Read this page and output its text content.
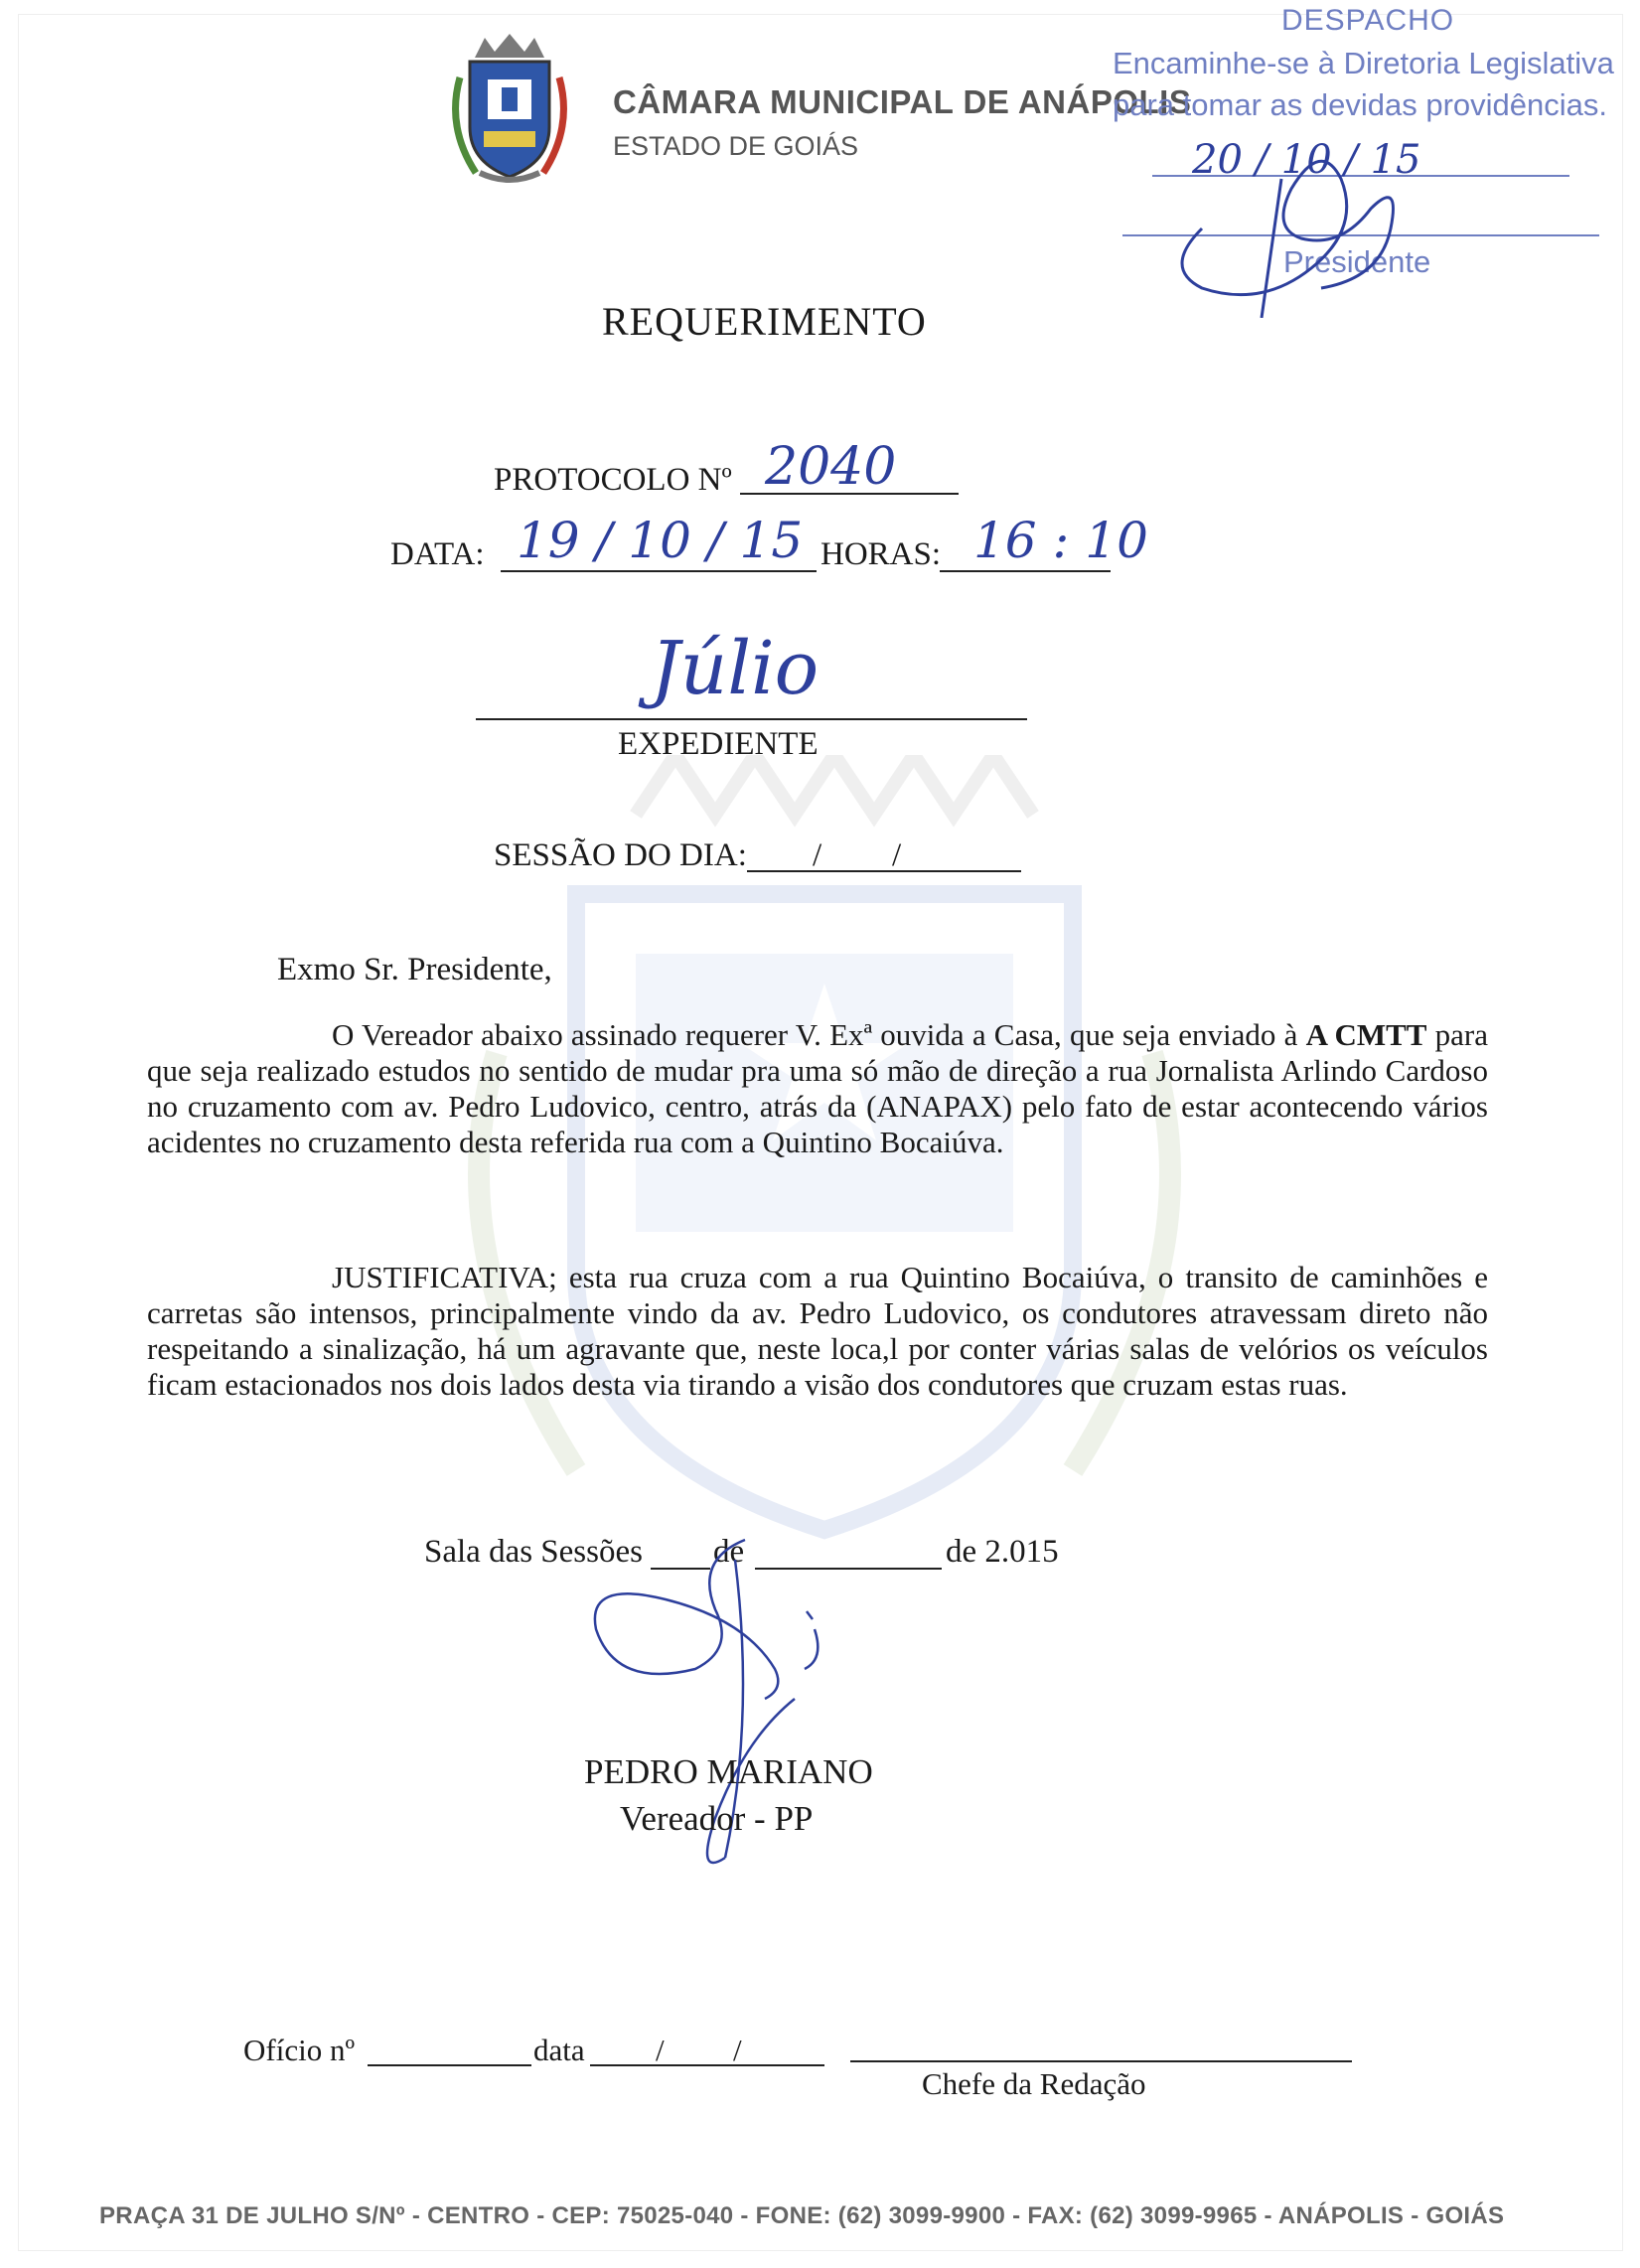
CÂMARA MUNICIPAL DE ANÁPOLIS
ESTADO DE GOIÁS
DESPACHO
Encaminhe-se à Diretoria Legislativa
para tomar as devidas providências.
20 / 10 / 15
Presidente
REQUERIMENTO
PROTOCOLO Nº 2040
DATA: 19 / 10 / 15 HORAS: 16 : 10
Júlio
EXPEDIENTE
SESSÃO DO DIA: / /
Exmo Sr. Presidente,
O Vereador abaixo assinado requerer V. Exª ouvida a Casa, que seja enviado à A CMTT para que seja realizado estudos no sentido de mudar pra uma só mão de direção a rua Jornalista Arlindo Cardoso no cruzamento com av. Pedro Ludovico, centro, atrás da (ANAPAX) pelo fato de estar acontecendo vários acidentes no cruzamento desta referida rua com a Quintino Bocaiúva.
JUSTIFICATIVA; esta rua cruza com a rua Quintino Bocaiúva, o transito de caminhões e carretas são intensos, principalmente vindo da av. Pedro Ludovico, os condutores atravessam direto não respeitando a sinalização, há um agravante que, neste loca,l por conter várias salas de velórios os veículos ficam estacionados nos dois lados desta via tirando a visão dos condutores que cruzam estas ruas.
Sala das Sessões de	de 2.015
PEDRO MARIANO
Vereador - PP
Ofício nº	data / /
Chefe da Redação
PRAÇA 31 DE JULHO S/Nº - CENTRO - CEP: 75025-040 - FONE: (62) 3099-9900 - FAX: (62) 3099-9965 - ANÁPOLIS - GOIÁS
